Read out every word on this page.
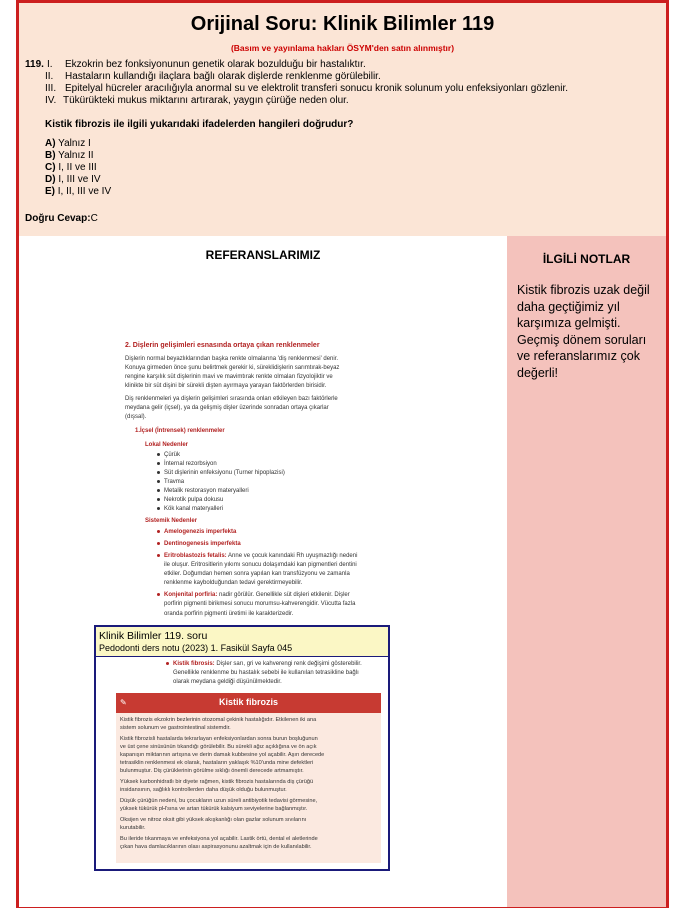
Orijinal Soru: Klinik Bilimler 119
(Basım ve yayınlama hakları ÖSYM'den satın alınmıştır)
119. I. Ekzokrin bez fonksiyonunun genetik olarak bozulduğu bir hastalıktır.
II. Hastaların kullandığı ilaçlara bağlı olarak dişlerde renklenme görülebilir.
III. Epitelyal hücreler aracılığıyla anormal su ve elektrolit transferi sonucu kronik solunum yolu enfeksiyonları gözlenir.
IV. Tükürükteki mukus miktarını artırarak, yaygın çürüğe neden olur.
Kistik fibrozis ile ilgili yukarıdaki ifadelerden hangileri doğrudur?
A) Yalnız I
B) Yalnız II
C) I, II ve III
D) I, III ve IV
E) I, II, III ve IV
Doğru Cevap:C
REFERANSLARIMIZ
2. Dişlerin gelişimleri esnasında ortaya çıkan renklenmeler
Dişlerin normal beyazlıklarından başka renkte olmalarına 'diş renklenmesi' denir.
Konuya girmeden önce şunu belirtmek gerekir ki, süreklidişlerin sarımtırak-beyaz
rengine karşılık süt dişlerinin mavi ve mavimtırak renkte olmaları fizyolojiktir ve
klinikte bir süt dişini bir sürekli dişten ayırmaya yarayan faktörlerden birisidir.
Diş renklenmeleri ya dişlerin gelişimleri sırasında onları etkileyen bazı faktörlerle
meydana gelir (içsel), ya da gelişmiş dişler üzerinde sonradan ortaya çıkarlar
(dışsal).
1.İçsel (İntrensek) renklenmeler
Lokal Nedenler
Çürük
İnternal rezorbsiyon
Süt dişlerinin enfeksiyonu (Turner hipoplazisi)
Travma
Metalik restorasyon materyalleri
Nekrotik pulpa dokusu
Kök kanal materyalleri
Sistemik Nedenler
Amelogenezis imperfekta
Dentinogenesis imperfekta
Eritroblastozis fetalis: Anne ve çocuk kanındaki Rh uyuşmazlığı nedeni
ile oluşur. Eritrositlerin yıkımı sonucu dolaşımdaki kan pigmentleri dentini
etkiler. Doğumdan hemen sonra yapılan kan transfüzyonu ve zamanla
renklenme kaybolduğundan tedavi gerektirmeyebilir.
Konjenital porfiria: nadir görülür. Genellikle süt dişleri etkilenir. Dişler
porfirin pigmenti birikmesi sonucu morumsu-kahverengidir. Vücutta fazla
oranda porfirin pigmenti üretimi ile karakterizedir.
Klinik Bilimler 119. soru
Pedodonti ders notu (2023) 1. Fasikül Sayfa 045
Kistik fibrosis: Dişler sarı, gri ve kahverengi renk değişimi gösterebilir.
Genellikle renklenme bu hastalık sebebi ile kullanılan tetrasikline bağlı
olarak meydana geldiği düşünülmektedir.
✎	Kistik fibrozis
Kistik fibrozis ekzokrin bezlerinin otozomal çekinik hastalığıdır. Etkilenen iki ana
sistem solunum ve gastrointestinal sistemdir.
Kistik fibrozisli hastalarda tekrarlayan enfeksiyonlardan sonra burun boşluğunun
ve üst çene sinüsünün tıkandığı görülebilir. Bu sürekli ağız açıklığına ve ön açık
kapanışın miktarının artışına ve derin damak kubbesine yol açabilir. Aşırı derecede
tetrasiklin renklenmesi ek olarak, hastaların yaklaşık %10'unda mine defektleri
bulunmuştur. Diş çürüklerinin görülme sıklığı önemli derecede artmamıştır.
Yüksek karbonhidratlı bir diyete rağmen, kistik fibrozis hastalarında diş çürüğü
insidansının, sağlıklı kontrollerden daha düşük olduğu bulunmuştur.
Düşük çürüğün nedeni, bu çocukların uzun süreli antibiyotik tedavisi görmesine,
yüksek tükürük pH'sına ve artan tükürük kalsiyum seviyelerine bağlanmıştır.
Oksijen ve nitroz oksit gibi yüksek akışkanlığı olan gazlar solunum sıvılarını
kurutabilir.
Bu ileride tıkanmaya ve enfeksiyona yol açabilir. Lastik örtü, dental el aletlerinde
çıkan hava damlacıklarının olası aspirasyonunu azaltmak için de kullanılabilir.
İLGİLİ NOTLAR
Kistik fibrozis uzak değil daha geçtiğimiz yıl karşımıza gelmişti. Geçmiş dönem soruları ve referanslarımız çok değerli!
